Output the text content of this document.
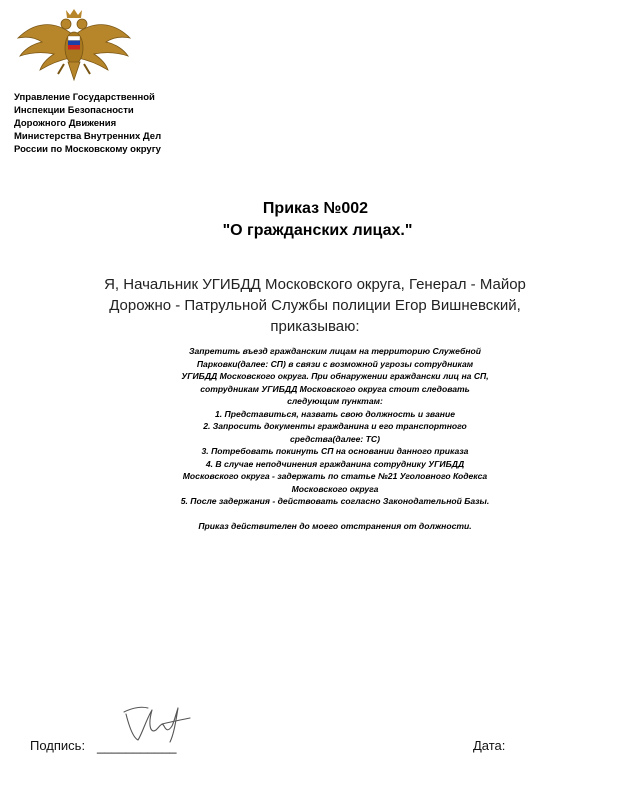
Управление Государственной
Инспекции Безопасности
Дорожного Движения
Министерства Внутренних Дел
России по Московскому округу
Приказ №002
"О гражданских лицах."
Я, Начальник УГИБДД Московского округа, Генерал - Майор Дорожно - Патрульной Службы полиции Егор Вишневский, приказываю:
Запретить въезд гражданским лицам на территорию Служебной
Парковки(далее: СП) в связи с возможной угрозы сотрудникам
УГИБДД Московского округа. При обнаружении граждански лиц на СП,
сотрудникам УГИБДД Московского округа стоит следовать
следующим пунктам:
1. Представиться, назвать свою должность и звание
2. Запросить документы гражданина и его транспортного
средства(далее: ТС)
3. Потребовать покинуть СП на основании данного приказа
4. В случае неподчинения гражданина сотруднику УГИБДД
Московского округа - задержать по статье №21 Уголовного Кодекса
Московского округа
5. После задержания - действовать согласно Законодательной Базы.
Приказ действителен до моего отстранения от должности.
Подпись: ___________	Дата:
